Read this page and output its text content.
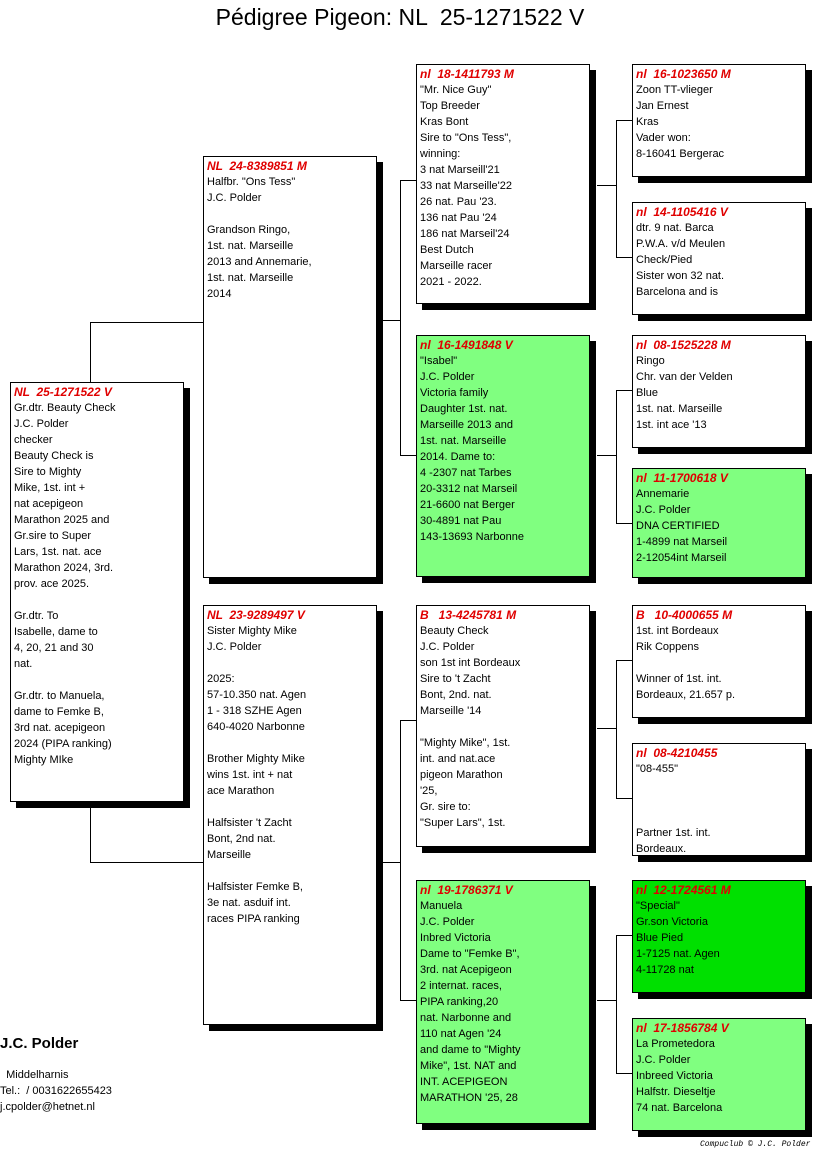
Pédigree Pigeon: NL  25-1271522 V
NL  25-1271522 V
Gr.dtr. Beauty Check
J.C. Polder
checker
Beauty Check is
Sire to Mighty
Mike, 1st. int +
nat acepigeon
Marathon 2025 and
Gr.sire to Super
Lars, 1st. nat. ace
Marathon 2024, 3rd.
prov. ace 2025.

Gr.dtr. To
Isabelle, dame to
4, 20, 21 and 30
nat.

Gr.dtr. to Manuela,
dame to Femke B,
3rd nat. acepigeon
2024 (PIPA ranking)
Mighty MIke
NL  24-8389851 M
Halfbr. "Ons Tess"
J.C. Polder

Grandson Ringo,
1st. nat. Marseille
2013 and Annemarie,
1st. nat. Marseille
2014
NL  23-9289497 V
Sister Mighty Mike
J.C. Polder

2025:
57-10.350 nat. Agen
1 - 318 SZHE Agen
640-4020 Narbonne

Brother Mighty Mike
wins 1st. int + nat
ace Marathon

Halfsister 't Zacht
Bont, 2nd nat.
Marseille

Halfsister Femke B,
3e nat. asduif int.
races PIPA ranking
nl  18-1411793 M
"Mr. Nice Guy"
Top Breeder
Kras Bont
Sire to "Ons Tess",
winning:
3 nat Marseill'21
33 nat Marseille'22
26 nat. Pau '23.
136 nat Pau '24
186 nat Marseil'24
Best Dutch
Marseille racer
2021 - 2022.
nl  16-1491848 V
"Isabel"
J.C. Polder
Victoria family
Daughter 1st. nat.
Marseille 2013 and
1st. nat. Marseille
2014. Dame to:
4 -2307 nat Tarbes
20-3312 nat Marseil
21-6600 nat Berger
30-4891 nat Pau
143-13693 Narbonne
B   13-4245781 M
Beauty Check
J.C. Polder
son 1st int Bordeaux
Sire to 't Zacht
Bont, 2nd. nat.
Marseille '14

"Mighty Mike", 1st.
int. and nat.ace
pigeon Marathon
'25,
Gr. sire to:
"Super Lars", 1st.
nl  19-1786371 V
Manuela
J.C. Polder
Inbred Victoria
Dame to "Femke B",
3rd. nat Acepigeon
2 internat. races,
PIPA ranking,20
nat. Narbonne and
110 nat Agen '24
and dame to "Mighty
Mike", 1st. NAT and
INT. ACEPIGEON
MARATHON '25, 28
nl  16-1023650 M
Zoon TT-vlieger
Jan Ernest
Kras
Vader won:
8-16041 Bergerac
nl  14-1105416 V
dtr. 9 nat. Barca
P.W.A. v/d Meulen
Check/Pied
Sister won 32 nat.
Barcelona and is
nl  08-1525228 M
Ringo
Chr. van der Velden
Blue
1st. nat. Marseille
1st. int ace '13
nl  11-1700618 V
Annemarie
J.C. Polder
DNA CERTIFIED
1-4899 nat Marseil
2-12054int Marseil
B   10-4000655 M
1st. int Bordeaux
Rik Coppens

Winner of 1st. int.
Bordeaux, 21.657 p.
nl  08-4210455
"08-455"

Partner 1st. int.
Bordeaux.
nl  12-1724561 M
"Special"
Gr.son Victoria
Blue Pied
1-7125 nat. Agen
4-11728 nat
nl  17-1856784 V
La Prometedora
J.C. Polder
Inbreed Victoria
Halfstr. Dieseltje
74 nat. Barcelona
J.C. Polder
Middelharnis
Tel.:  / 0031622655423
j.cpolder@hetnet.nl
Compuclub © J.C. Polder
